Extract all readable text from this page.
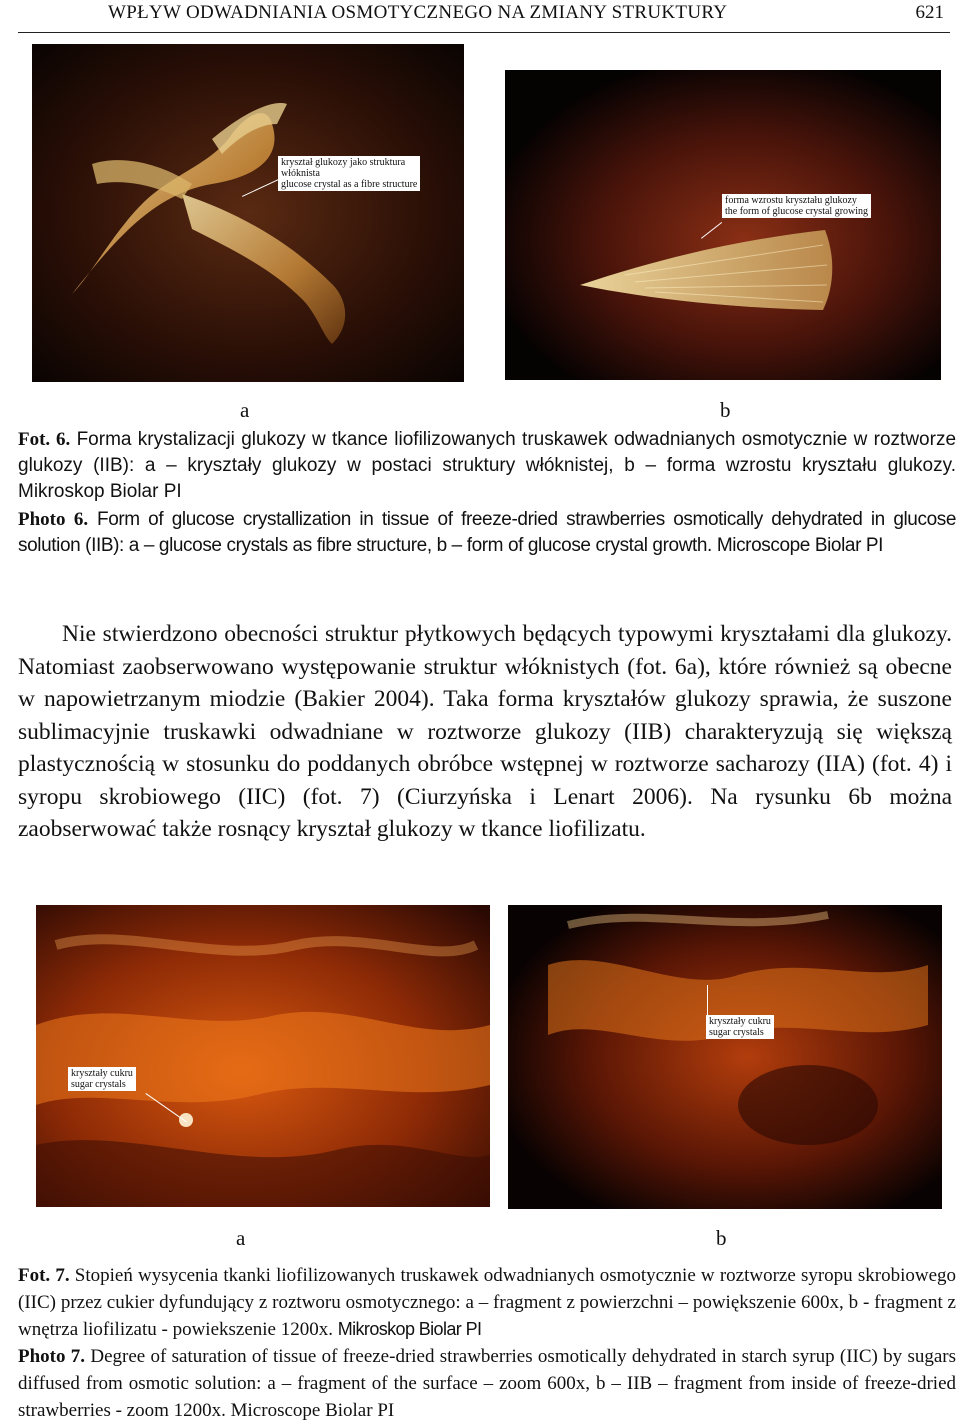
WPŁYW ODWADNIANIA OSMOTYCZNEGO NA ZMIANY STRUKTURY	621
kryształ glukozy jako struktura
włóknista
glucose crystal as a fibre structure
forma wzrostu kryształu glukozy
the form of glucose crystal growing
a	b

Fot. 6. Forma krystalizacji glukozy w tkance liofilizowanych truskawek odwadnianych osmotycznie w roztworze glukozy (IIB): a – kryształy glukozy w postaci struktury włóknistej, b – forma wzrostu kryształu glukozy. Mikroskop Biolar PI

Photo 6. Form of glucose crystallization in tissue of freeze-dried strawberries osmotically dehydrated in glucose solution (IIB): a – glucose crystals as fibre structure, b – form of glucose crystal growth. Microscope Biolar PI

Nie stwierdzono obecności struktur płytkowych będących typowymi kryształami dla glukozy. Natomiast zaobserwowano występowanie struktur włóknistych (fot. 6a), które również są obecne w napowietrzanym miodzie (Bakier 2004). Taka forma kryształów glukozy sprawia, że suszone sublimacyjnie truskawki odwadniane w roztworze glukozy (IIB) charakteryzują się większą plastycznością w stosunku do poddanych obróbce wstępnej w roztworze sacharozy (IIA) (fot. 4) i syropu skrobiowego (IIC) (fot. 7) (Ciurzyńska i Lenart 2006). Na rysunku 6b można zaobserwować także rosnący kryształ glukozy w tkance liofilizatu.

kryształy cukru
sugar crystals
kryształy cukru
sugar crystals
a	b

Fot. 7. Stopień wysycenia tkanki liofilizowanych truskawek odwadnianych osmotycznie w roztworze syropu skrobiowego (IIC) przez cukier dyfundujący z roztworu osmotycznego: a – fragment z powierzchni – powiększenie 600x, b - fragment z wnętrza liofilizatu - powiekszenie 1200x. Mikroskop Biolar PI

Photo 7. Degree of saturation of tissue of freeze-dried strawberries osmotically dehydrated in starch syrup (IIC) by sugars diffused from osmotic solution: a – fragment of the surface – zoom 600x, b – IIB – fragment from inside of freeze-dried strawberries - zoom 1200x. Microscope Biolar PI
